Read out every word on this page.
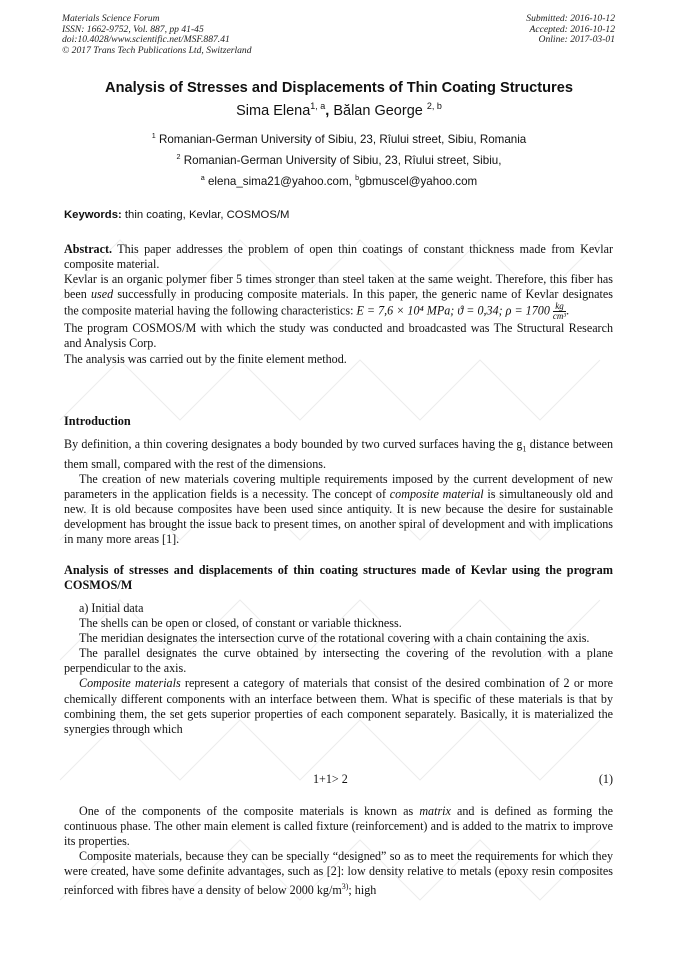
Materials Science Forum
ISSN: 1662-9752, Vol. 887, pp 41-45
doi:10.4028/www.scientific.net/MSF.887.41
© 2017 Trans Tech Publications Ltd, Switzerland
Submitted: 2016-10-12
Accepted: 2016-10-12
Online: 2017-03-01
Analysis of Stresses and Displacements of Thin Coating Structures
Sima Elena$^{1, a}$, Bălan George $^{2, b}$
$^1$ Romanian-German University of Sibiu, 23, Rîului street, Sibiu, Romania
$^2$ Romanian-German University of Sibiu, 23, Rîului street, Sibiu,
$^a$ elena_sima21@yahoo.com, $^b$gbmuscel@yahoo.com
Keywords: thin coating, Kevlar, COSMOS/M

Abstract. This paper addresses the problem of open thin coatings of constant thickness made from Kevlar composite material.

Kevlar is an organic polymer fiber 5 times stronger than steel taken at the same weight. Therefore, this fiber has been used successfully in producing composite materials. In this paper, the generic name of Kevlar designates the composite material having the following characteristics: E = 7,6 × 10⁴ MPa; ϑ = 0,34; $\rho = 1700 \frac{kg}{\text{cm³}}$ .

The program COSMOS/M with which the study was conducted and broadcasted was The Structural Research and Analysis Corp.

The analysis was carried out by the finite element method.

Introduction

By definition, a thin covering designates a body bounded by two curved surfaces having the $g_1$ distance between them small, compared with the rest of the dimensions.

The creation of new materials covering multiple requirements imposed by the current development of new parameters in the application fields is a necessity. The concept of composite material is simultaneously old and new. It is old because composites have been used since antiquity. It is new because the desire for sustainable development has brought the issue back to present times, on another spiral of development and with implications in many more areas [1].

Analysis of stresses and displacements of thin coating structures made of Kevlar using the program COSMOS/M

a) Initial data

The shells can be open or closed, of constant or variable thickness.

The meridian designates the intersection curve of the rotational covering with a chain containing the axis.

The parallel designates the curve obtained by intersecting the covering of the revolution with a plane perpendicular to the axis.

Composite materials represent a category of materials that consist of the desired combination of 2 or more chemically different components with an interface between them. What is specific of these materials is that by combining them, the set gets superior properties of each component separately. Basically, it is materialized the synergies through which

1+1> 2	(1)

One of the components of the composite materials is known as matrix and is defined as forming the continuous phase. The other main element is called fixture (reinforcement) and is added to the matrix to improve its properties.

Composite materials, because they can be specially “designed” so as to meet the requirements for which they were created, have some definite advantages, such as [2]: low density relative to metals (epoxy resin composites reinforced with fibres have a density of below 2000 $kg/m^{3)}$; high
